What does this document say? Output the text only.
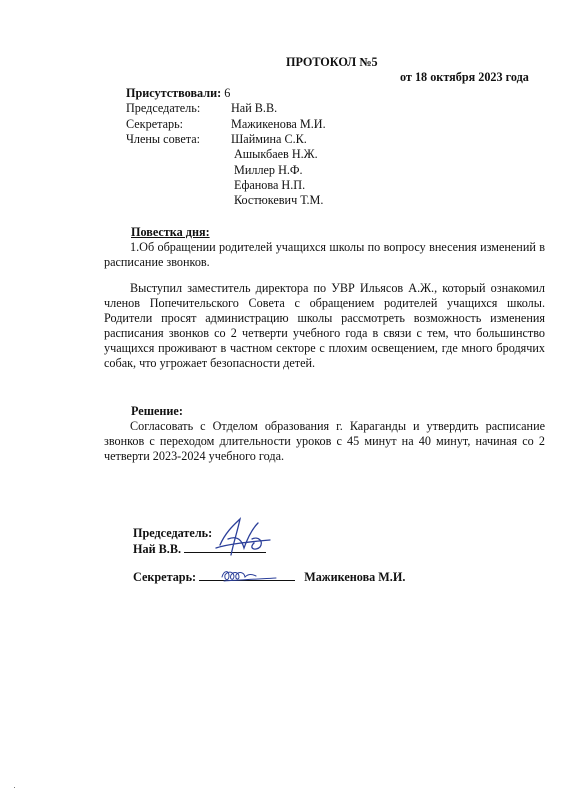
ПРОТОКОЛ №5
от 18 октября 2023 года
Присутствовали: 6
Председатель:	Най В.В.
Секретарь:	Мажикенова М.И.
Члены совета:	Шаймина С.К.
Ашыкбаев Н.Ж.
Миллер Н.Ф.
Ефанова Н.П.
Костюкевич Т.М.
Повестка дня:
1.Об обращении родителей учащихся школы по вопросу внесения изменений в расписание звонков.
Выступил заместитель директора по УВР Ильясов А.Ж., который ознакомил членов Попечительского Совета с обращением родителей учащихся школы. Родители просят администрацию школы рассмотреть возможность изменения расписания звонков со 2 четверти учебного года в связи с тем, что большинство учащихся проживают в частном секторе с плохим освещением, где много бродячих собак, что угрожает безопасности детей.
Решение:
Согласовать с Отделом образования г. Караганды и утвердить расписание звонков с переходом длительности уроков с 45 минут на 40 минут, начиная со 2 четверти 2023-2024 учебного года.
Председатель:
Най В.В.
Секретарь:	Мажикенова М.И.
